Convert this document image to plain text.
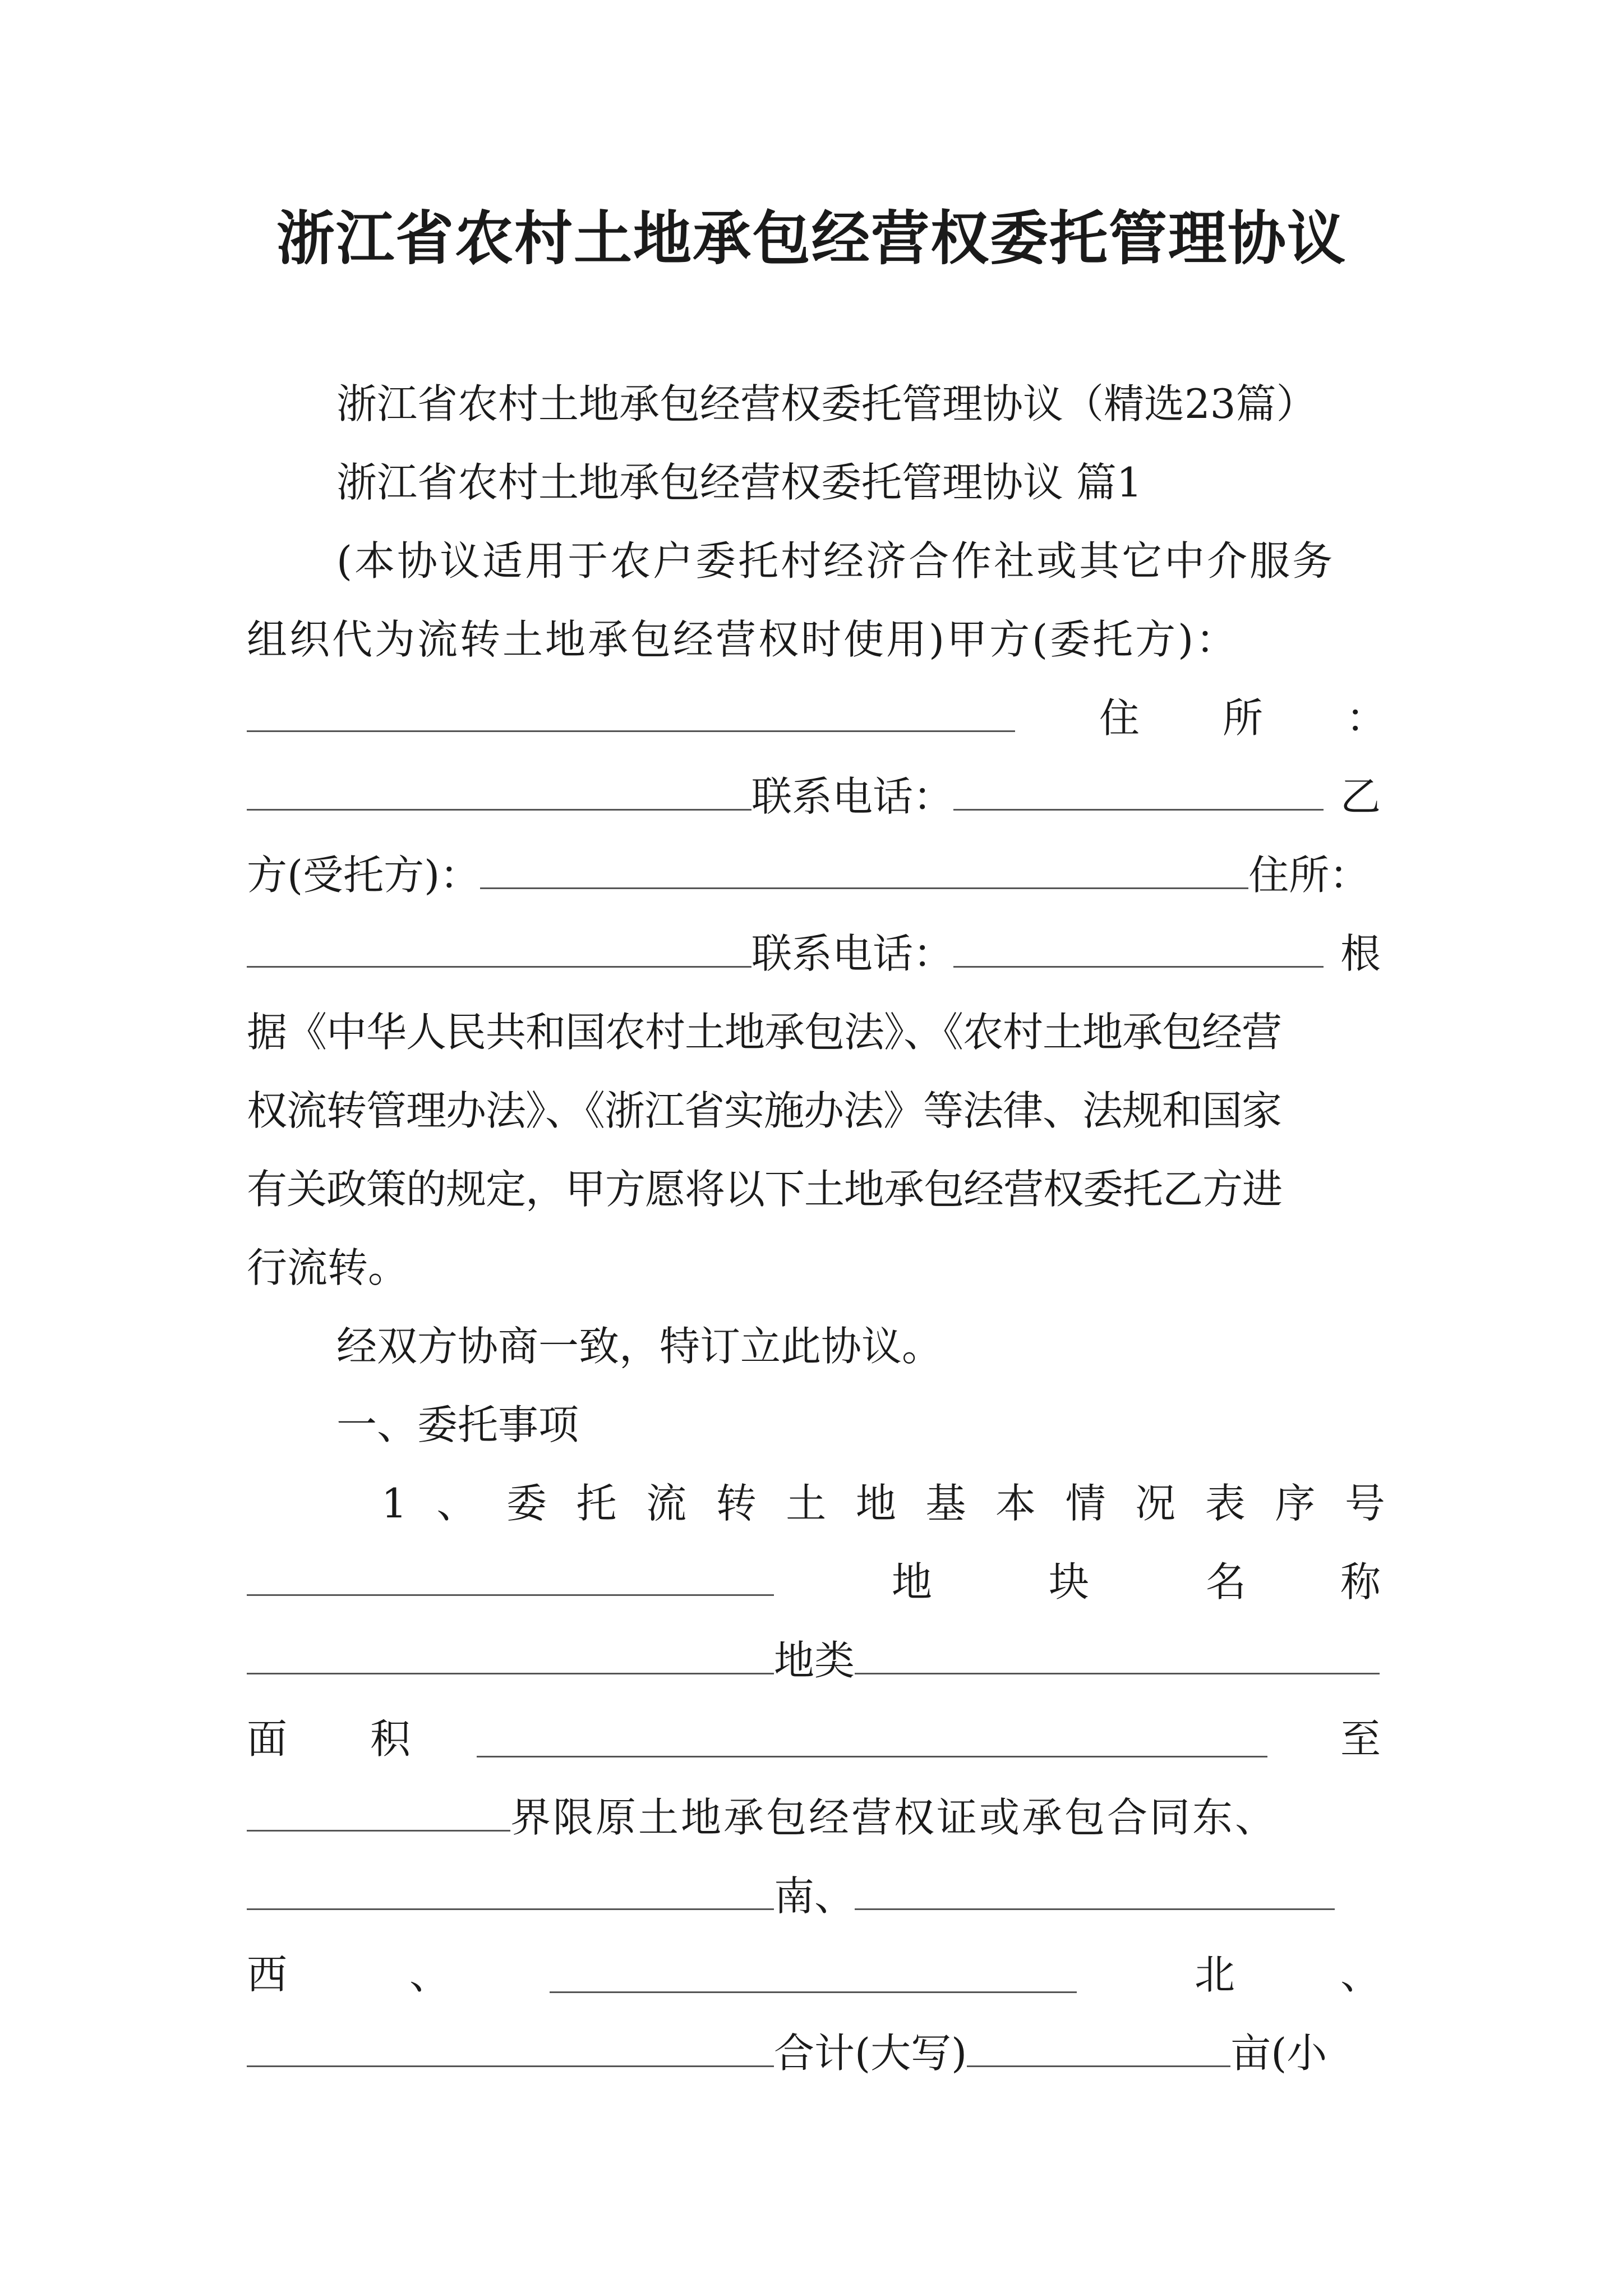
浙江省农村土地承包经营权委托管理协议
浙江省农村土地承包经营权委托管理协议（精选23篇）
浙江省农村土地承包经营权委托管理协议 篇1
(本协议适用于农户委托村经济合作社或其它中介服务
组织代为流转土地承包经营权时使用)甲方(委托方)：
住 所 ：
联系电话：	乙
方(受托方)：	住所：
联系电话：	根
据《中华人民共和国农村土地承包法》、《农村土地承包经营
权流转管理办法》、《浙江省实施办法》等法律、法规和国家
有关政策的规定，甲方愿将以下土地承包经营权委托乙方进
行流转。
经双方协商一致，特订立此协议。
一、委托事项
1 、 委 托 流 转 土 地 基 本 情 况 表 序 号
地	块	名 称
地类
面 积	至
界限原土地承包经营权证或承包合同东、
南、
西	、	北	、
合计(大写)	亩(小
